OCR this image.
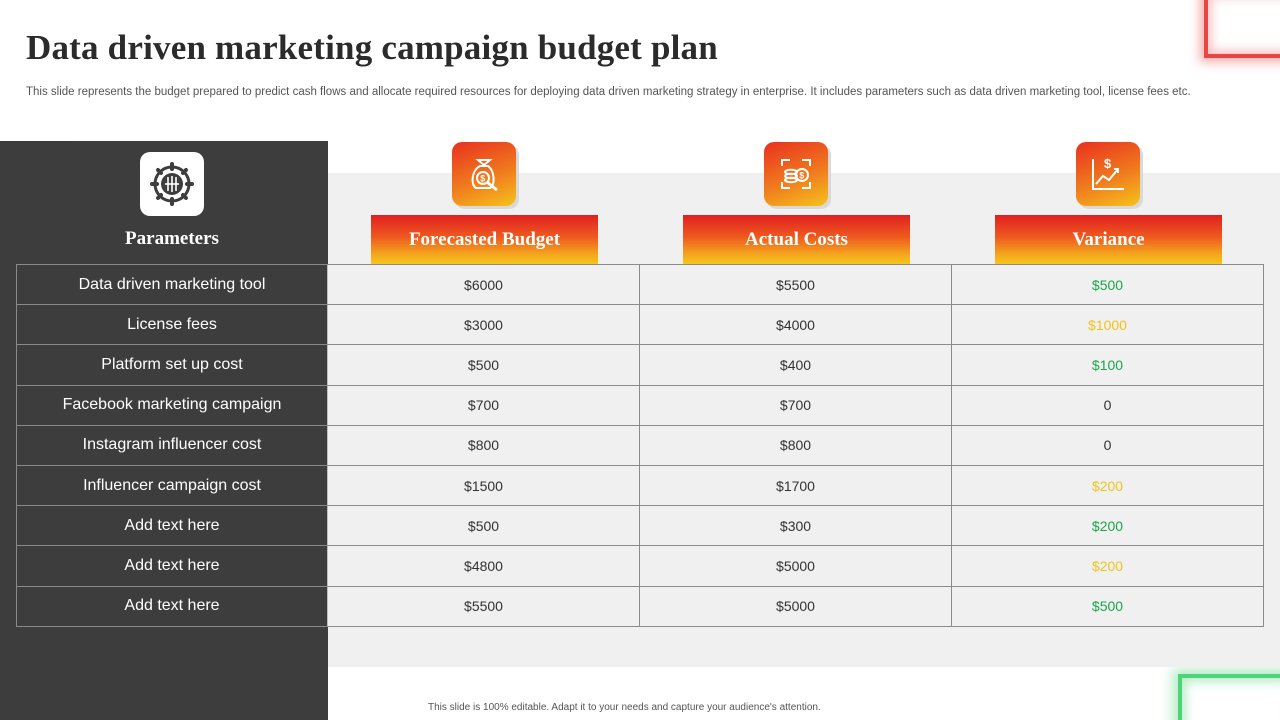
Data driven marketing campaign budget plan

This slide represents the budget prepared to predict cash flows and allocate required resources for deploying data driven marketing strategy in enterprise. It includes parameters such as data driven marketing tool, license fees etc.

Parameters
$	$
$
Forecasted Budget	Actual Costs	Variance
Data driven marketing tool	$6000	$5500	$500
License fees	$3000	$4000	$1000
Platform set up cost	$500	$400	$100
Facebook marketing campaign	$700	$700	0
Instagram influencer cost	$800	$800	0
Influencer campaign cost	$1500	$1700	$200
Add text here	$500	$300	$200
Add text here	$4800	$5000	$200
Add text here	$5500	$5000	$500
This slide is 100% editable. Adapt it to your needs and capture your audience's attention.
